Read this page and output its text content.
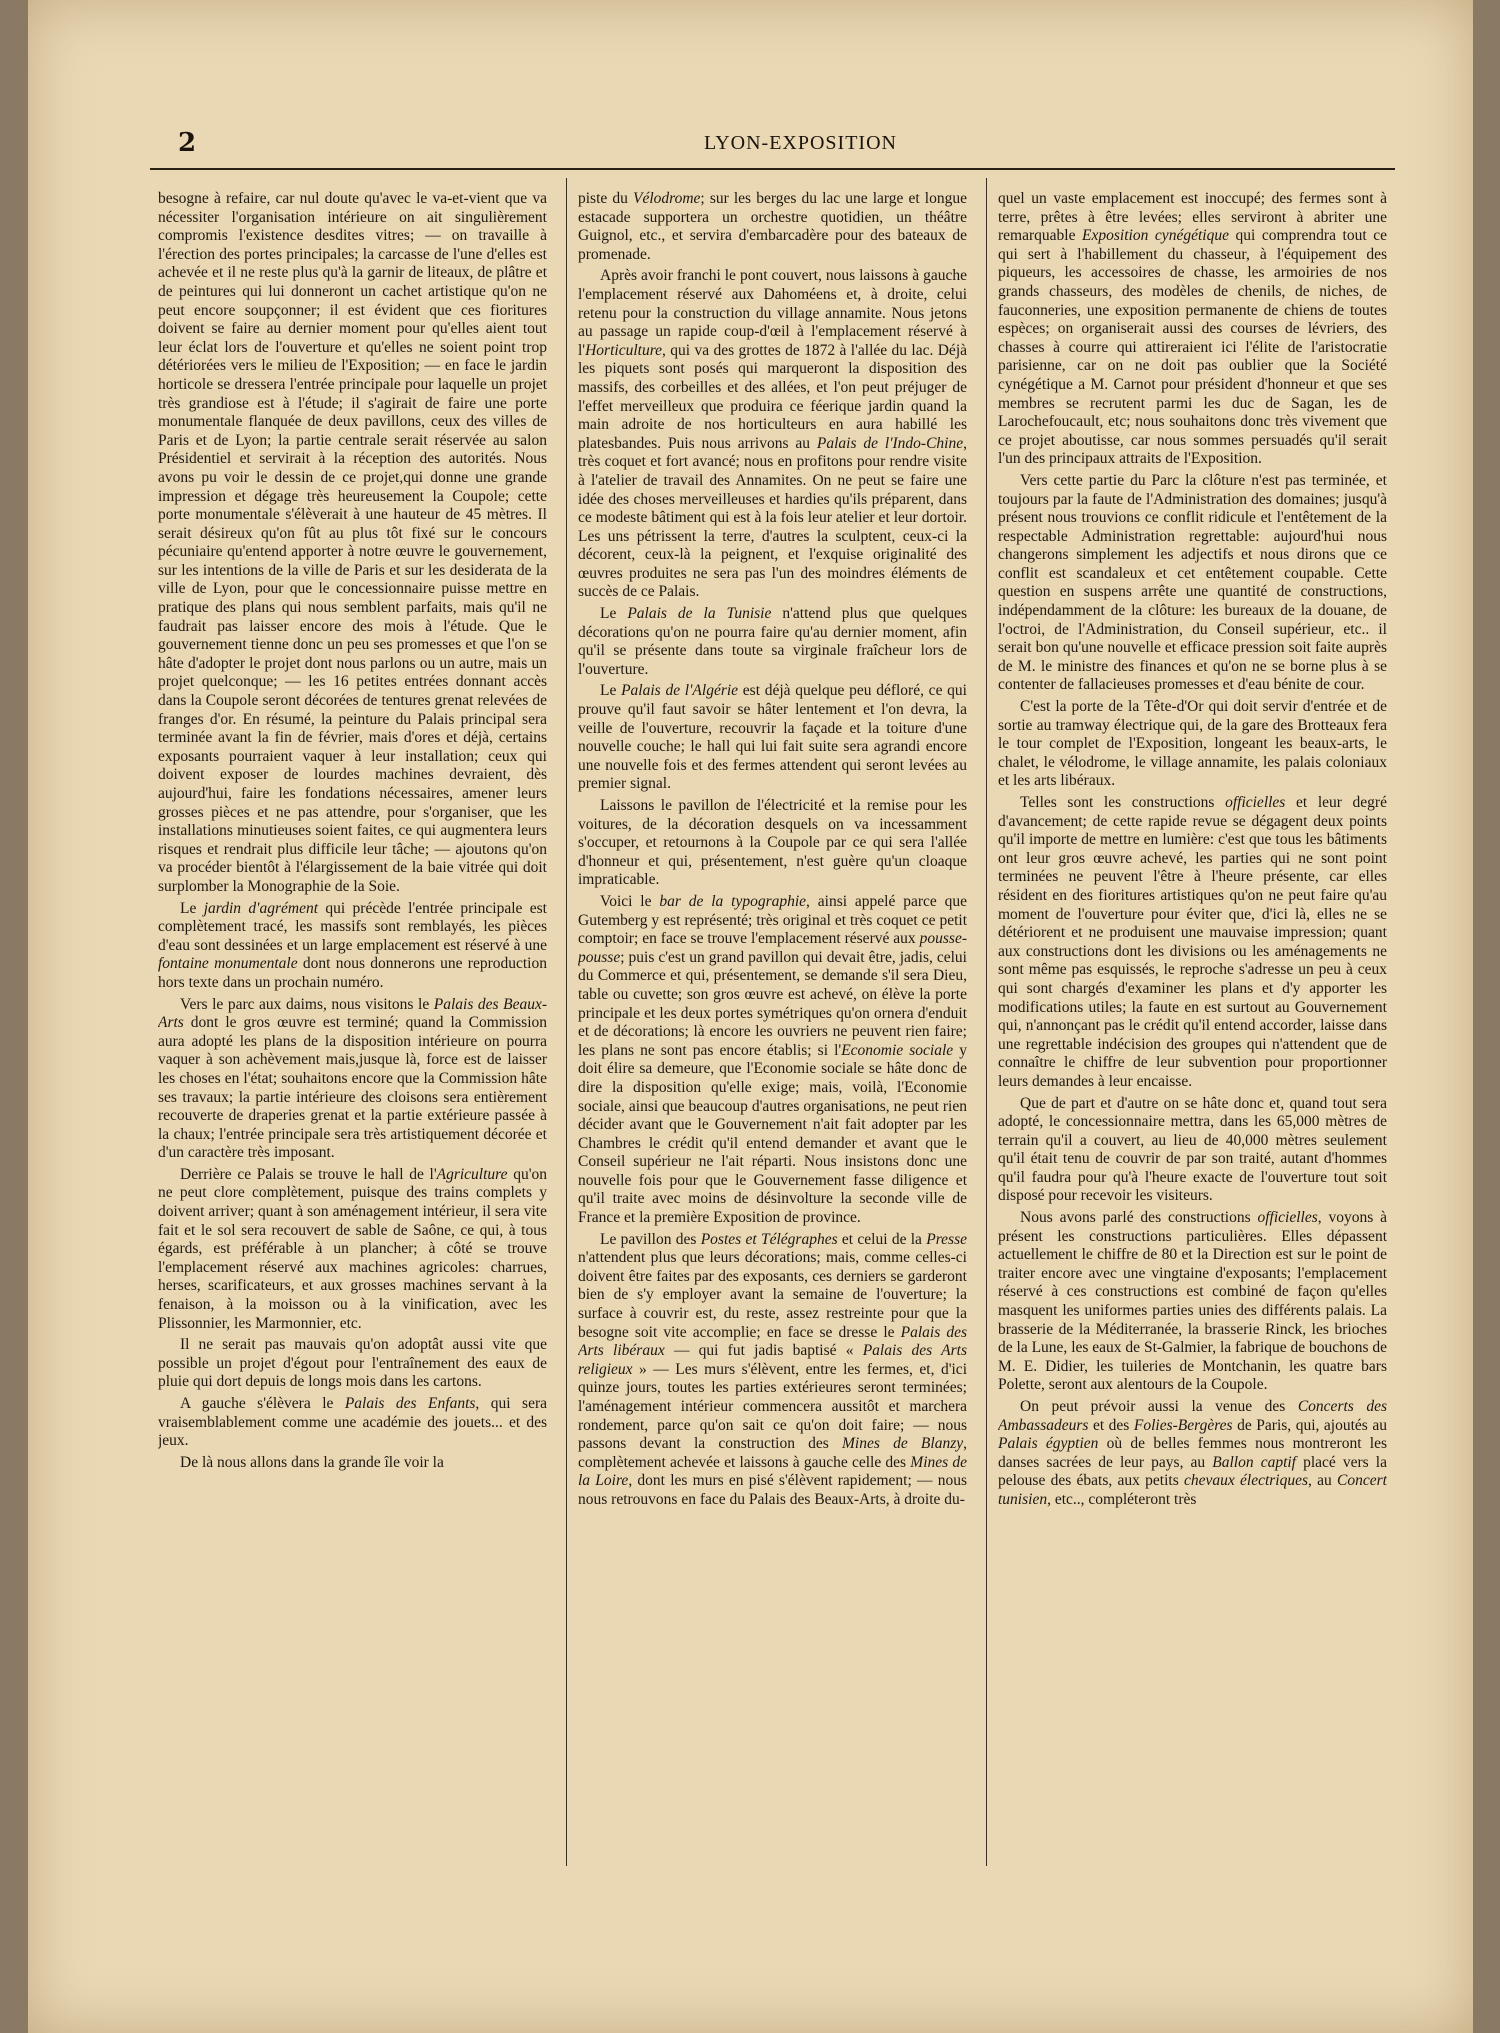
2	LYON-EXPOSITION

besogne à refaire, car nul doute qu'avec le va-et-vient que va nécessiter l'organisation intérieure on ait singulièrement compromis l'existence desdites vitres; — on travaille à l'érection des portes principales; la carcasse de l'une d'elles est achevée et il ne reste plus qu'à la garnir de liteaux, de plâtre et de peintures qui lui donneront un cachet artistique qu'on ne peut encore soupçonner; il est évident que ces fioritures doivent se faire au dernier moment pour qu'elles aient tout leur éclat lors de l'ouverture et qu'elles ne soient point trop détériorées vers le milieu de l'Exposition; — en face le jardin horticole se dressera l'entrée principale pour laquelle un projet très grandiose est à l'étude; il s'agirait de faire une porte monumentale flanquée de deux pavillons, ceux des villes de Paris et de Lyon; la partie centrale serait réservée au salon Présidentiel et servirait à la réception des autorités. Nous avons pu voir le dessin de ce projet,qui donne une grande impression et dégage très heureusement la Coupole; cette porte monumentale s'élèverait à une hauteur de 45 mètres. Il serait désireux qu'on fût au plus tôt fixé sur le concours pécuniaire qu'entend apporter à notre œuvre le gouvernement, sur les intentions de la ville de Paris et sur les desiderata de la ville de Lyon, pour que le concessionnaire puisse mettre en pratique des plans qui nous semblent parfaits, mais qu'il ne faudrait pas laisser encore des mois à l'étude. Que le gouvernement tienne donc un peu ses promesses et que l'on se hâte d'adopter le projet dont nous parlons ou un autre, mais un projet quelconque; — les 16 petites entrées donnant accès dans la Coupole seront décorées de tentures grenat relevées de franges d'or. En résumé, la peinture du Palais principal sera terminée avant la fin de février, mais d'ores et déjà, certains exposants pourraient vaquer à leur installation; ceux qui doivent exposer de lourdes machines devraient, dès aujourd'hui, faire les fondations nécessaires, amener leurs grosses pièces et ne pas attendre, pour s'organiser, que les installations minutieuses soient faites, ce qui augmentera leurs risques et rendrait plus difficile leur tâche; — ajoutons qu'on va procéder bientôt à l'élargissement de la baie vitrée qui doit surplomber la Monographie de la Soie.

Le jardin d'agrément qui précède l'entrée principale est complètement tracé, les massifs sont remblayés, les pièces d'eau sont dessinées et un large emplacement est réservé à une fontaine monumentale dont nous donnerons une reproduction hors texte dans un prochain numéro.

Vers le parc aux daims, nous visitons le Palais des Beaux-Arts dont le gros œuvre est terminé; quand la Commission aura adopté les plans de la disposition intérieure on pourra vaquer à son achèvement mais,jusque là, force est de laisser les choses en l'état; souhaitons encore que la Commission hâte ses travaux; la partie intérieure des cloisons sera entièrement recouverte de draperies grenat et la partie extérieure passée à la chaux; l'entrée principale sera très artistiquement décorée et d'un caractère très imposant.

Derrière ce Palais se trouve le hall de l'Agriculture qu'on ne peut clore complètement, puisque des trains complets y doivent arriver; quant à son aménagement intérieur, il sera vite fait et le sol sera recouvert de sable de Saône, ce qui, à tous égards, est préférable à un plancher; à côté se trouve l'emplacement réservé aux machines agricoles: charrues, herses, scarificateurs, et aux grosses machines servant à la fenaison, à la moisson ou à la vinification, avec les Plissonnier, les Marmonnier, etc.

Il ne serait pas mauvais qu'on adoptât aussi vite que possible un projet d'égout pour l'entraînement des eaux de pluie qui dort depuis de longs mois dans les cartons.

A gauche s'élèvera le Palais des Enfants, qui sera vraisemblablement comme une académie des jouets... et des jeux.

De là nous allons dans la grande île voir la

piste du Vélodrome; sur les berges du lac une large et longue estacade supportera un orchestre quotidien, un théâtre Guignol, etc., et servira d'embarcadère pour des bateaux de promenade.

Après avoir franchi le pont couvert, nous laissons à gauche l'emplacement réservé aux Dahoméens et, à droite, celui retenu pour la construction du village annamite. Nous jetons au passage un rapide coup-d'œil à l'emplacement réservé à l'Horticulture, qui va des grottes de 1872 à l'allée du lac. Déjà les piquets sont posés qui marqueront la disposition des massifs, des corbeilles et des allées, et l'on peut préjuger de l'effet merveilleux que produira ce féerique jardin quand la main adroite de nos horticulteurs en aura habillé les platesbandes. Puis nous arrivons au Palais de l'Indo-Chine, très coquet et fort avancé; nous en profitons pour rendre visite à l'atelier de travail des Annamites. On ne peut se faire une idée des choses merveilleuses et hardies qu'ils préparent, dans ce modeste bâtiment qui est à la fois leur atelier et leur dortoir. Les uns pétrissent la terre, d'autres la sculptent, ceux-ci la décorent, ceux-là la peignent, et l'exquise originalité des œuvres produites ne sera pas l'un des moindres éléments de succès de ce Palais.

Le Palais de la Tunisie n'attend plus que quelques décorations qu'on ne pourra faire qu'au dernier moment, afin qu'il se présente dans toute sa virginale fraîcheur lors de l'ouverture.

Le Palais de l'Algérie est déjà quelque peu défloré, ce qui prouve qu'il faut savoir se hâter lentement et l'on devra, la veille de l'ouverture, recouvrir la façade et la toiture d'une nouvelle couche; le hall qui lui fait suite sera agrandi encore une nouvelle fois et des fermes attendent qui seront levées au premier signal.

Laissons le pavillon de l'électricité et la remise pour les voitures, de la décoration desquels on va incessamment s'occuper, et retournons à la Coupole par ce qui sera l'allée d'honneur et qui, présentement, n'est guère qu'un cloaque impraticable.

Voici le bar de la typographie, ainsi appelé parce que Gutemberg y est représenté; très original et très coquet ce petit comptoir; en face se trouve l'emplacement réservé aux pousse-pousse; puis c'est un grand pavillon qui devait être, jadis, celui du Commerce et qui, présentement, se demande s'il sera Dieu, table ou cuvette; son gros œuvre est achevé, on élève la porte principale et les deux portes symétriques qu'on ornera d'enduit et de décorations; là encore les ouvriers ne peuvent rien faire; les plans ne sont pas encore établis; si l'Economie sociale y doit élire sa demeure, que l'Economie sociale se hâte donc de dire la disposition qu'elle exige; mais, voilà, l'Economie sociale, ainsi que beaucoup d'autres organisations, ne peut rien décider avant que le Gouvernement n'ait fait adopter par les Chambres le crédit qu'il entend demander et avant que le Conseil supérieur ne l'ait réparti. Nous insistons donc une nouvelle fois pour que le Gouvernement fasse diligence et qu'il traite avec moins de désinvolture la seconde ville de France et la première Exposition de province.

Le pavillon des Postes et Télégraphes et celui de la Presse n'attendent plus que leurs décorations; mais, comme celles-ci doivent être faites par des exposants, ces derniers se garderont bien de s'y employer avant la semaine de l'ouverture; la surface à couvrir est, du reste, assez restreinte pour que la besogne soit vite accomplie; en face se dresse le Palais des Arts libéraux — qui fut jadis baptisé « Palais des Arts religieux » — Les murs s'élèvent, entre les fermes, et, d'ici quinze jours, toutes les parties extérieures seront terminées; l'aménagement intérieur commencera aussitôt et marchera rondement, parce qu'on sait ce qu'on doit faire; — nous passons devant la construction des Mines de Blanzy, complètement achevée et laissons à gauche celle des Mines de la Loire, dont les murs en pisé s'élèvent rapidement; — nous nous retrouvons en face du Palais des Beaux-Arts, à droite du-

quel un vaste emplacement est inoccupé; des fermes sont à terre, prêtes à être levées; elles serviront à abriter une remarquable Exposition cynégétique qui comprendra tout ce qui sert à l'habillement du chasseur, à l'équipement des piqueurs, les accessoires de chasse, les armoiries de nos grands chasseurs, des modèles de chenils, de niches, de fauconneries, une exposition permanente de chiens de toutes espèces; on organiserait aussi des courses de lévriers, des chasses à courre qui attireraient ici l'élite de l'aristocratie parisienne, car on ne doit pas oublier que la Société cynégétique a M. Carnot pour président d'honneur et que ses membres se recrutent parmi les duc de Sagan, les de Larochefoucault, etc; nous souhaitons donc très vivement que ce projet aboutisse, car nous sommes persuadés qu'il serait l'un des principaux attraits de l'Exposition.

Vers cette partie du Parc la clôture n'est pas terminée, et toujours par la faute de l'Administration des domaines; jusqu'à présent nous trouvions ce conflit ridicule et l'entêtement de la respectable Administration regrettable: aujourd'hui nous changerons simplement les adjectifs et nous dirons que ce conflit est scandaleux et cet entêtement coupable. Cette question en suspens arrête une quantité de constructions, indépendamment de la clôture: les bureaux de la douane, de l'octroi, de l'Administration, du Conseil supérieur, etc.. il serait bon qu'une nouvelle et efficace pression soit faite auprès de M. le ministre des finances et qu'on ne se borne plus à se contenter de fallacieuses promesses et d'eau bénite de cour.

C'est la porte de la Tête-d'Or qui doit servir d'entrée et de sortie au tramway électrique qui, de la gare des Brotteaux fera le tour complet de l'Exposition, longeant les beaux-arts, le chalet, le vélodrome, le village annamite, les palais coloniaux et les arts libéraux.

Telles sont les constructions officielles et leur degré d'avancement; de cette rapide revue se dégagent deux points qu'il importe de mettre en lumière: c'est que tous les bâtiments ont leur gros œuvre achevé, les parties qui ne sont point terminées ne peuvent l'être à l'heure présente, car elles résident en des fioritures artistiques qu'on ne peut faire qu'au moment de l'ouverture pour éviter que, d'ici là, elles ne se détériorent et ne produisent une mauvaise impression; quant aux constructions dont les divisions ou les aménagements ne sont même pas esquissés, le reproche s'adresse un peu à ceux qui sont chargés d'examiner les plans et d'y apporter les modifications utiles; la faute en est surtout au Gouvernement qui, n'annonçant pas le crédit qu'il entend accorder, laisse dans une regrettable indécision des groupes qui n'attendent que de connaître le chiffre de leur subvention pour proportionner leurs demandes à leur encaisse.

Que de part et d'autre on se hâte donc et, quand tout sera adopté, le concessionnaire mettra, dans les 65,000 mètres de terrain qu'il a couvert, au lieu de 40,000 mètres seulement qu'il était tenu de couvrir de par son traité, autant d'hommes qu'il faudra pour qu'à l'heure exacte de l'ouverture tout soit disposé pour recevoir les visiteurs.

Nous avons parlé des constructions officielles, voyons à présent les constructions particulières. Elles dépassent actuellement le chiffre de 80 et la Direction est sur le point de traiter encore avec une vingtaine d'exposants; l'emplacement réservé à ces constructions est combiné de façon qu'elles masquent les uniformes parties unies des différents palais. La brasserie de la Méditerranée, la brasserie Rinck, les brioches de la Lune, les eaux de St-Galmier, la fabrique de bouchons de M. E. Didier, les tuileries de Montchanin, les quatre bars Polette, seront aux alentours de la Coupole.

On peut prévoir aussi la venue des Concerts des Ambassadeurs et des Folies-Bergères de Paris, qui, ajoutés au Palais égyptien où de belles femmes nous montreront les danses sacrées de leur pays, au Ballon captif placé vers la pelouse des ébats, aux petits chevaux électriques, au Concert tunisien, etc.., compléteront très
